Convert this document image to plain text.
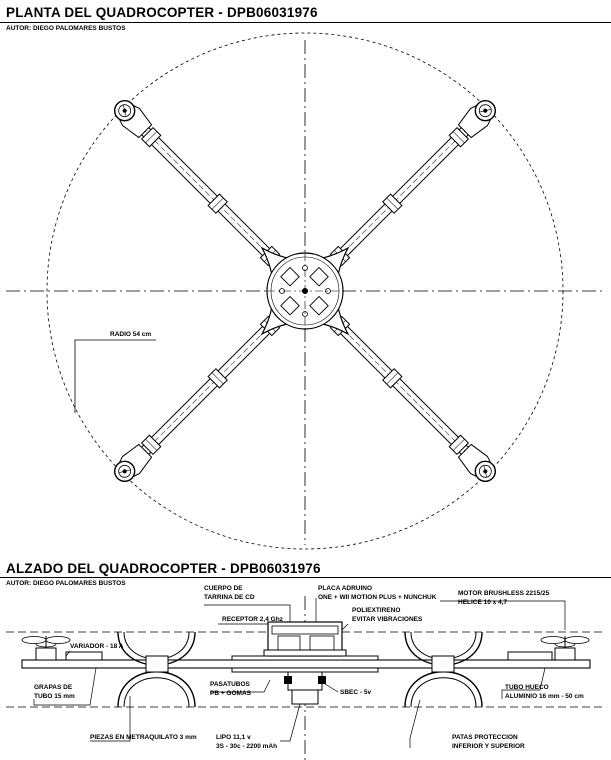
PLANTA DEL QUADROCOPTER - DPB06031976
AUTOR: DIEGO PALOMARES BUSTOS
ALZADO DEL QUADROCOPTER - DPB06031976
AUTOR: DIEGO PALOMARES BUSTOS
RADIO 54 cm
CUERPO DE
TARRINA DE CD
PLACA ADRUINO
ONE + WII MOTION PLUS + NUNCHUK
MOTOR BRUSHLESS 2215/25
HELICE 10 x 4,7
RECEPTOR 2,4 Ghz
POLIEXTIRENO
EVITAR VIBRACIONES
VARIADOR - 18 A
PASATUBOS
PB + GOMAS	SBEC - 5v
GRAPAS DE
TUBO 15 mm
TUBO HUECO
ALUMINIO 16 mm - 50 cm
PIEZAS EN METRAQUILATO 3 mm	LIPO 11,1 v
3S - 30c - 2200 mAh
PATAS PROTECCION
INFERIOR Y SUPERIOR
